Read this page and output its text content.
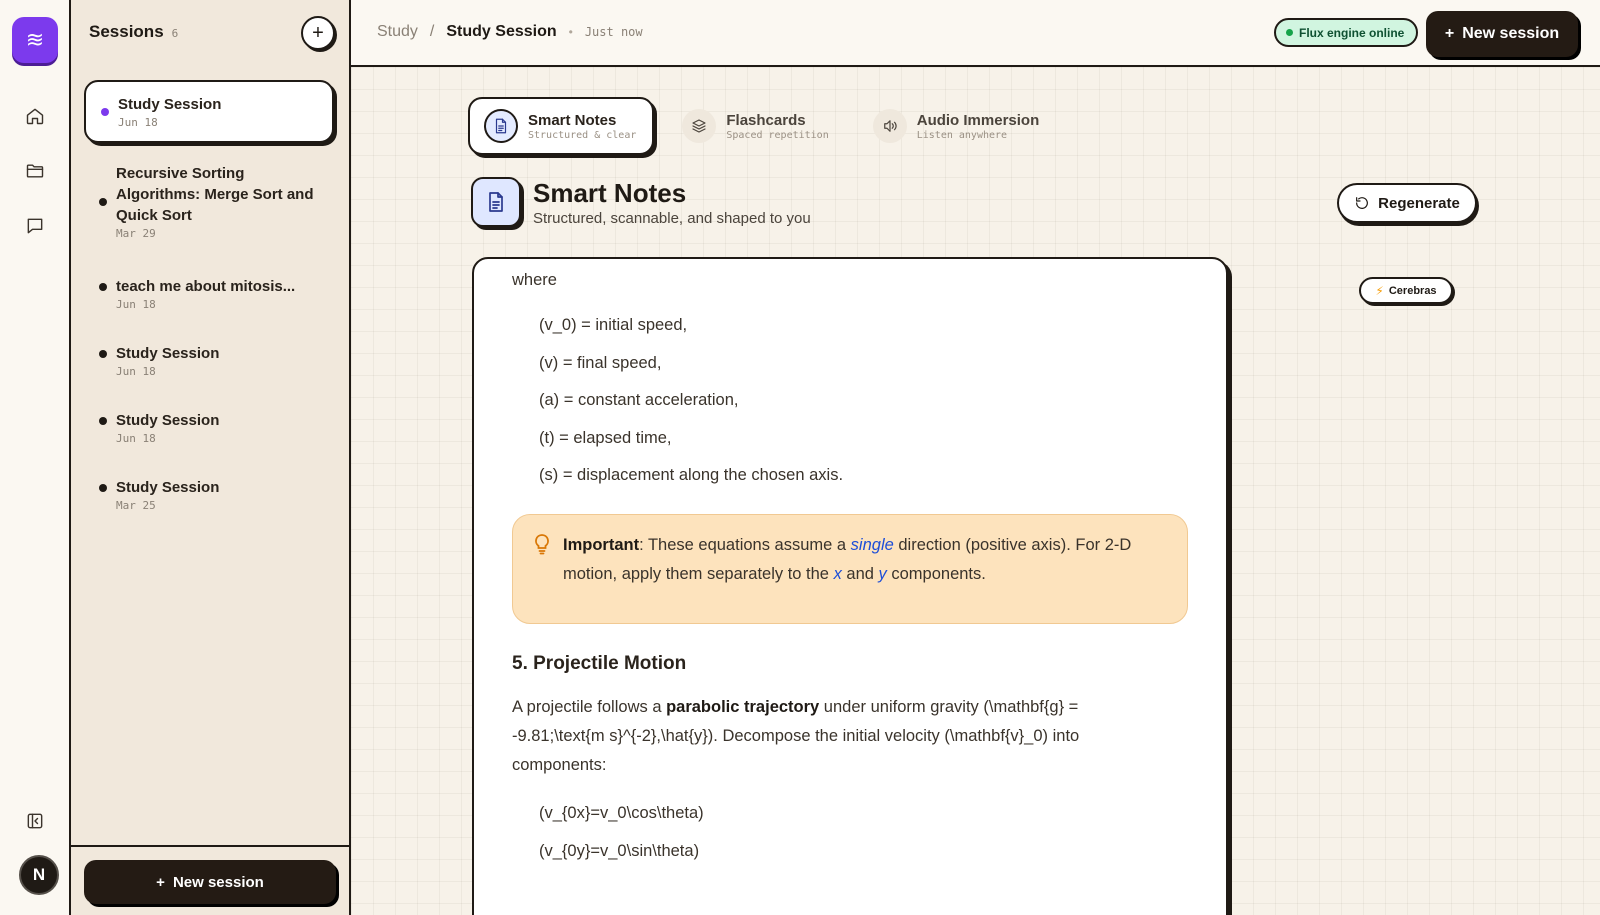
≋
N
Sessions 6	+
Study Session
Jun 18
Recursive Sorting Algorithms: Merge Sort and Quick Sort
Mar 29
teach me about mitosis...
Jun 18
Study Session
Jun 18
Study Session
Jun 18
Study Session
Mar 25
+ New session
Study / Study Session • Just now	Flux engine online	+ New session
Smart Notes
Structured & clear
Flashcards
Spaced repetition
Audio Immersion
Listen anywhere
Smart Notes
Structured, scannable, and shaped to you
Regenerate
⚡ Cerebras
where
(v_0) = initial speed,
(v) = final speed,
(a) = constant acceleration,
(t) = elapsed time,
(s) = displacement along the chosen axis.
Important: These equations assume a single direction (positive axis). For 2-D motion, apply them separately to the x and y components.
5. Projectile Motion
A projectile follows a parabolic trajectory under uniform gravity (\mathbf{g} = -9.81;\text{m s}^{-2},\hat{y}). Decompose the initial velocity (\mathbf{v}_0) into components:
(v_{0x}=v_0\cos\theta)
(v_{0y}=v_0\sin\theta)
